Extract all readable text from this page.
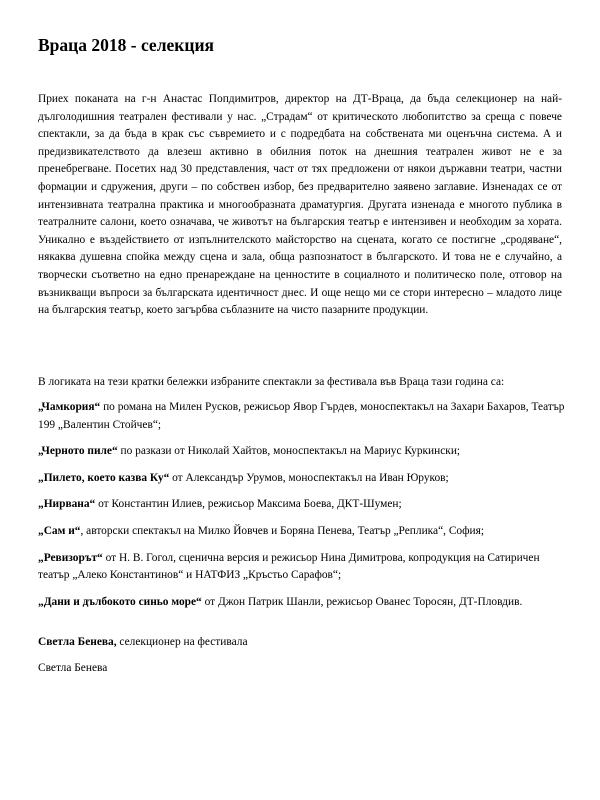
Враца 2018 - селекция

Приех поканата на г-н Анастас Попдимитров, директор на ДТ-Враца, да бъда селекционер на най-дълголодишния театрален фестивали у нас. „Страдам“ от критическото любопитство за среща с повече спектакли, за да бъда в крак със съвремието и с подредбата на собствената ми оценъчна система. А и предизвикателството да влезеш активно в обилния поток на днешния театрален живот не е за пренебрегване. Посетих над 30 представления, част от тях предложени от някои държавни театри, частни формации и сдружения, други – по собствен избор, без предварително заявено заглавие. Изненадах се от интензивната театрална практика и многообразната драматургия. Другата изненада е многото публика в театралните салони, което означава, че животът на българския театър е интензивен и необходим за хората. Уникално е въздействието от изпълнителското майсторство на сцената, когато се постигне „сродяване“, някаква душевна спойка между сцена и зала, обща разпознатост в българското. И това не е случайно, а творчески съответно на едно пренареждане на ценностите в социалното и политическо поле, отговор на възникващи въпроси за българската идентичност днес. И още нещо ми се стори интересно – младото лице на българския театър, което загърбва съблазните на чисто пазарните продукции.

В логиката на тези кратки бележки избраните спектакли за фестивала във Враца тази година са:

„Чамкория“ по романа на Милен Русков, режисьор Явор Гърдев, моноспектакъл на Захари Бахаров, Театър 199 „Валентин Стойчев“;

„Черното пиле“ по разкази от Николай Хайтов, моноспектакъл на Мариус Куркински;

„Пилето, което казва Ку“ от Александър Урумов, моноспектакъл на Иван Юруков;

„Нирвана“ от Константин Илиев, режисьор Максима Боева, ДКТ-Шумен;

„Сам и“, авторски спектакъл на Милко Йовчев и Боряна Пенева, Театър „Реплика“, София;

„Ревизорът“ от Н. В. Гогол, сценична версия и режисьор Нина Димитрова, копродукция на Сатиричен театър „Алеко Константинов“ и НАТФИЗ „Кръстьо Сарафов“;

„Дани и дълбокото синьо море“ от Джон Патрик Шанли, режисьор Ованес Торосян, ДТ-Пловдив.

Светла Бенева, селекционер на фестивала

Светла Бенева
